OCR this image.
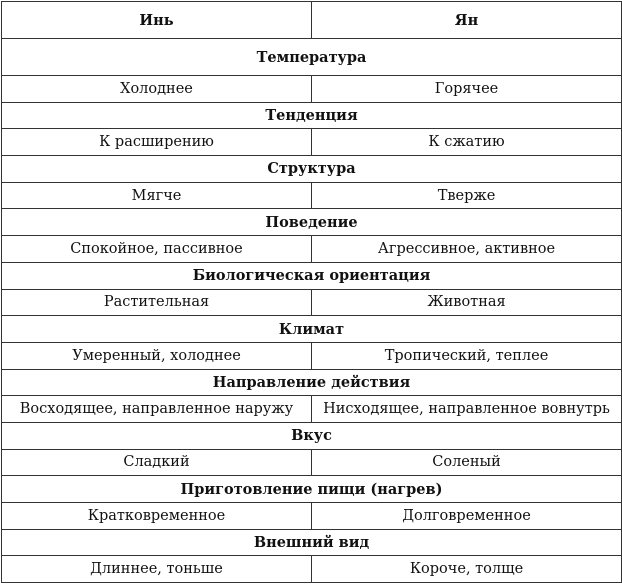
Инь	Ян
Температура	
Холоднее	Горячее
Тенденция	
К расширению	К сжатию
Структура	
Мягче	Тверже
Поведение	
Спокойное, пассивное	Агрессивное, активное
Биологическая ориентация	
Растительная	Животная
Климат	
Умеренный, холоднее	Тропический, теплее
Направление действия	
Восходящее, направленное наружу	Нисходящее, направленное вовнутрь
Вкус	
Сладкий	Соленый
Приготовление пищи (нагрев)	
Кратковременное	Долговременное
Внешний вид	
Длиннее, тоньше	Короче, толще
